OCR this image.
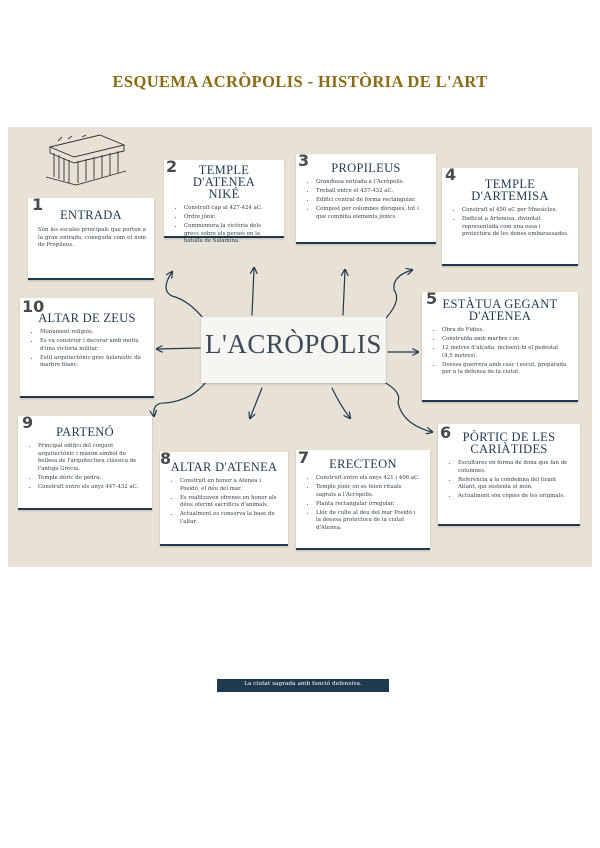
ESQUEMA ACRÒPOLIS - HISTÒRIA DE L'ART
ENTRADA

Són les escales principals que porten a la gran entrada, coneguda com el nom de Propileus.

1
TEMPLE D'ATENEA NIKÉ
• Construït cap al 427-424 aC.
• Ordre jònic.
• Commemora la victòria dels grecs sobre els perses en la batalla de Salamina.
2	PROPILEUS
• Grandiosa entrada a l'Acròpolis.
• Treball entre el 437-432 aC.
• Edifici central de forma rectangular.
• Compost per columnes dòriques, tot i que combina elements jònics.
3
TEMPLE D'ARTEMISA
• Construït el 450 aC per Mnesicles.
• Dedicat a Artemisa, divinitat representada com una ossa i protectora de les dones embarassades.
4
ALTAR DE ZEUS
• Monument religiós.
• Es va construir i decorar amb motiu d'una victòria militar.
• Estil arquitectònic grec helenístic de marbre blanc.
10	ESTÀTUA GEGANT D'ATENEA
• Obra de Fídies.
• Construïda amb marbre i or.
• 12 metres d'alçada, incloent-hi el pedestal (4,5 metres).
• Deessa guerrera amb casc i escut, preparada per a la defensa de la ciutat.
5
L'ACRÒPOLIS
La ciutat sagrada amb funció defensiva.
PARTENÓ
• Principal edifici del conjunt arquitectònic i màxim símbol de bellesa de l'arquitectura clàssica de l'antiga Grècia.
• Temple dòric de pedra.
• Construït entre els anys 447-432 aC.
9
ALTAR D'ATENEA
• Construït en honor a Atenea i Posidó, el déu del mar.
• Es realitzaven ofrenes en honor als déus oferint sacrificis d'animals.
• Actualment es conserva la base de l'altar.
8	ERECTEON
• Construït entre els anys 421 i 406 aC.
• Temple jònic on es feien rituals sagrats a l'Acròpolis.
• Planta rectangular irregular.
• Lloc de culte al déu del mar Posidó i la deessa protectora de la ciutat d'Atenea.
7
PÒRTIC DE LES CARIÀTIDES
• Escultures en forma de dona que fan de columnes.
• Referència a la condemna del tirant Atlant, qui sostenia el món.
• Actualment són còpies de les originals.
6
